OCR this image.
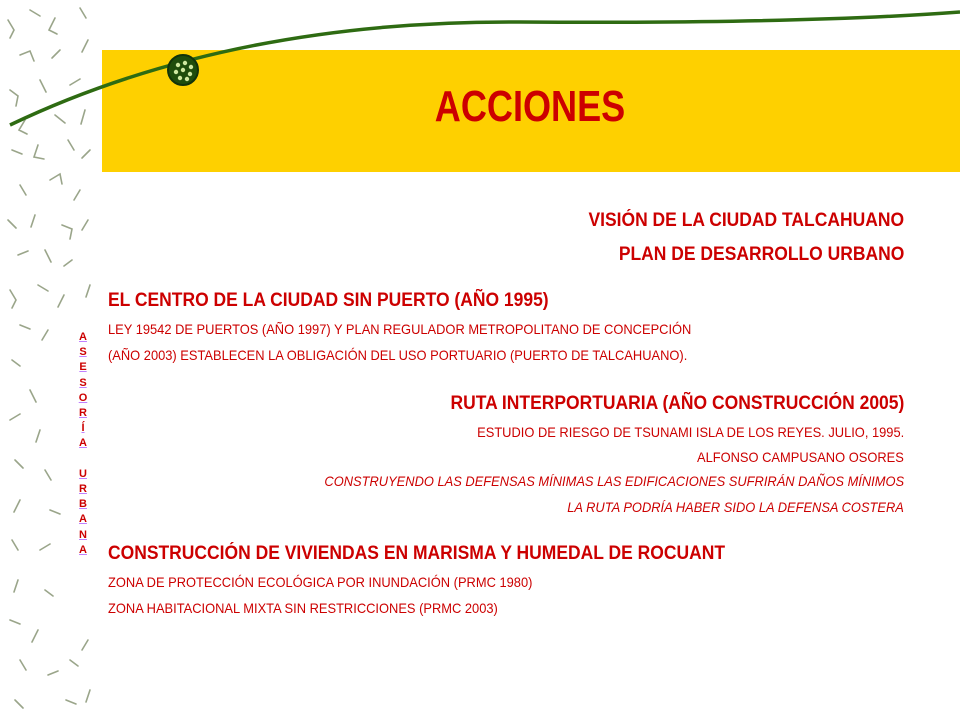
ACCIONES
A
S
E
S
O
R
Í
A
U
R
B
A
N
A
VISIÓN DE LA CIUDAD TALCAHUANO
PLAN DE DESARROLLO URBANO
EL CENTRO DE LA CIUDAD SIN PUERTO (AÑO 1995)
LEY 19542 DE PUERTOS (AÑO 1997) Y PLAN REGULADOR METROPOLITANO DE CONCEPCIÓN
(AÑO 2003) ESTABLECEN LA OBLIGACIÓN DEL USO PORTUARIO (PUERTO DE TALCAHUANO).
RUTA INTERPORTUARIA (AÑO CONSTRUCCIÓN 2005)
ESTUDIO DE RIESGO DE TSUNAMI ISLA DE LOS REYES. JULIO, 1995.
ALFONSO CAMPUSANO OSORES
CONSTRUYENDO LAS DEFENSAS MÍNIMAS LAS EDIFICACIONES SUFRIRÁN DAÑOS MÍNIMOS
LA RUTA PODRÍA HABER SIDO LA DEFENSA COSTERA
CONSTRUCCIÓN DE VIVIENDAS EN MARISMA Y HUMEDAL DE ROCUANT
ZONA DE PROTECCIÓN ECOLÓGICA POR INUNDACIÓN (PRMC 1980)
ZONA HABITACIONAL MIXTA SIN RESTRICCIONES (PRMC 2003)
